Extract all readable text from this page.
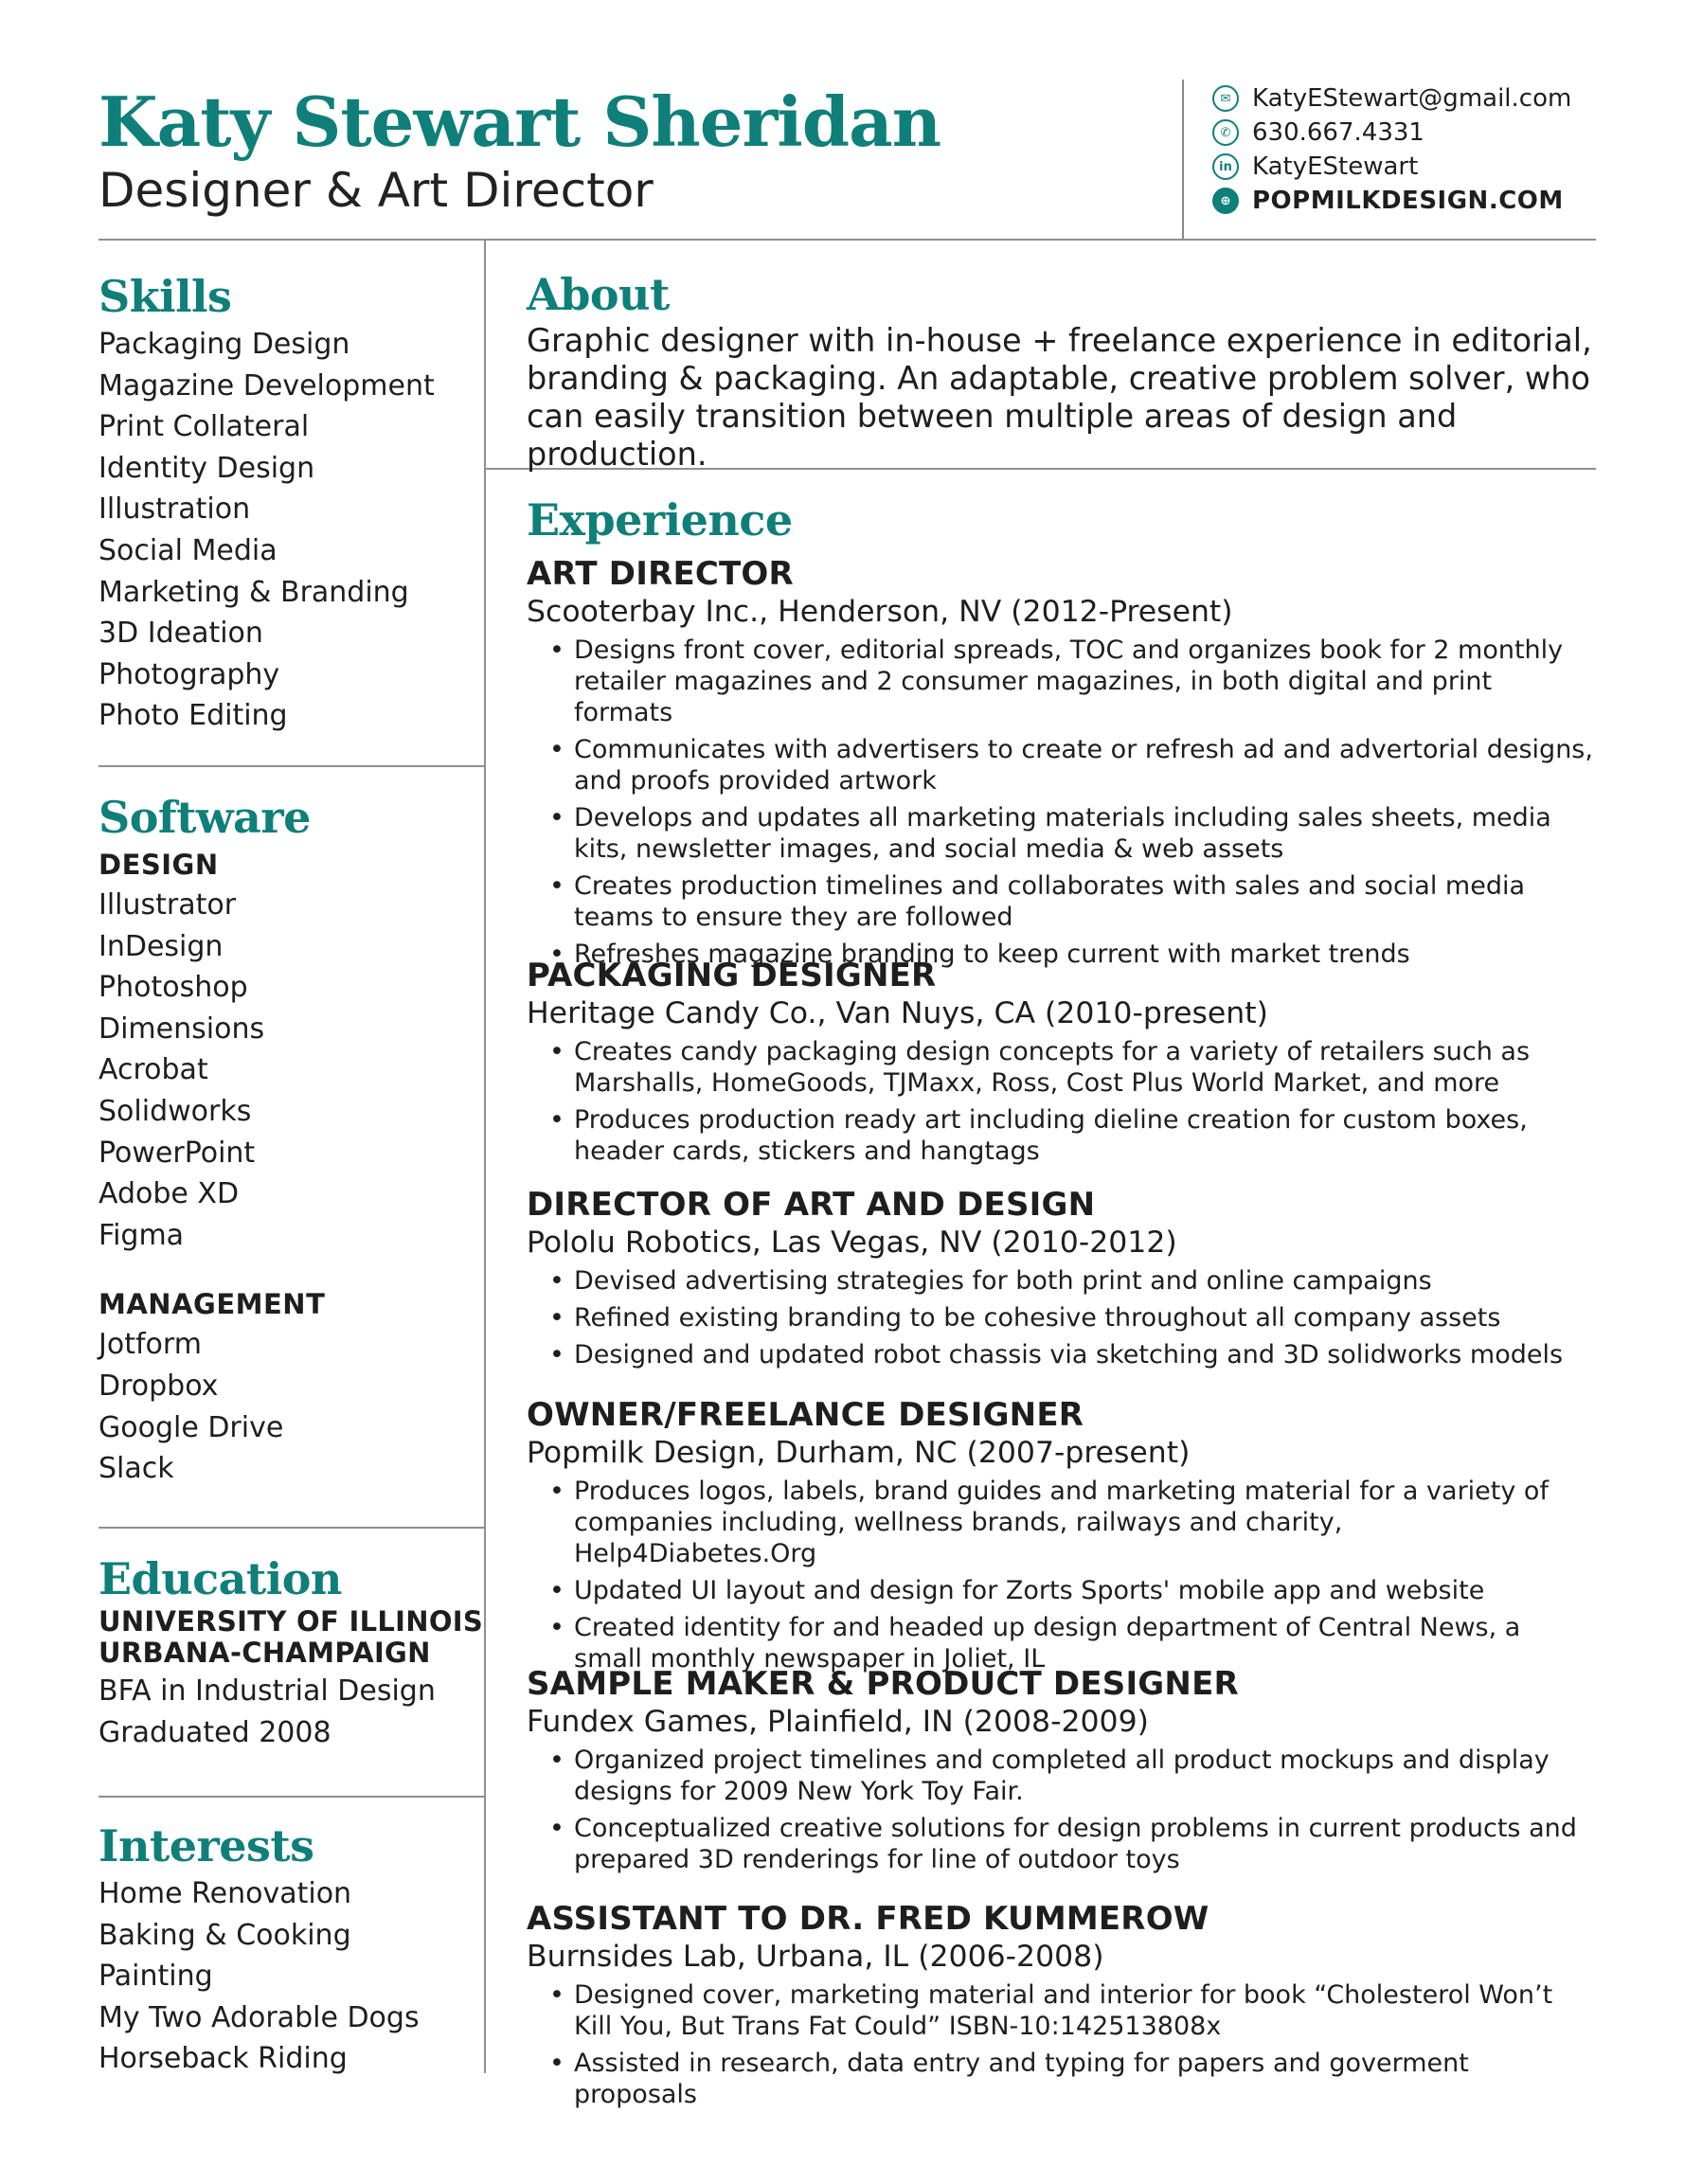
Katy Stewart Sheridan
Designer & Art Director
✉ KatyEStewart@gmail.com
✆ 630.667.4331
in KatyEStewart
⊕ POPMILKDESIGN.COM
Skills
Packaging Design
Magazine Development
Print Collateral
Identity Design
Illustration
Social Media
Marketing & Branding
3D Ideation
Photography
Photo Editing
Software
DESIGN
Illustrator
InDesign
Photoshop
Dimensions
Acrobat
Solidworks
PowerPoint
Adobe XD
Figma
MANAGEMENT
Jotform
Dropbox
Google Drive
Slack
Education
UNIVERSITY OF ILLINOIS
URBANA-CHAMPAIGN
BFA in Industrial Design
Graduated 2008
Interests
Home Renovation
Baking & Cooking
Painting
My Two Adorable Dogs
Horseback Riding
About
Graphic designer with in-house + freelance experience in editorial, branding & packaging. An adaptable, creative problem solver, who can easily transition between multiple areas of design and production.
Experience
ART DIRECTOR
Scooterbay Inc., Henderson, NV (2012-Present)
• Designs front cover, editorial spreads, TOC and organizes book for 2 monthly retailer magazines and 2 consumer magazines, in both digital and print formats
• Communicates with advertisers to create or refresh ad and advertorial designs, and proofs provided artwork
• Develops and updates all marketing materials including sales sheets, media kits, newsletter images, and social media & web assets
• Creates production timelines and collaborates with sales and social media teams to ensure they are followed
• Refreshes magazine branding to keep current with market trends
PACKAGING DESIGNER
Heritage Candy Co., Van Nuys, CA (2010-present)
• Creates candy packaging design concepts for a variety of retailers such as Marshalls, HomeGoods, TJMaxx, Ross, Cost Plus World Market, and more
• Produces production ready art including dieline creation for custom boxes, header cards, stickers and hangtags
DIRECTOR OF ART AND DESIGN
Pololu Robotics, Las Vegas, NV (2010-2012)
• Devised advertising strategies for both print and online campaigns
• Refined existing branding to be cohesive throughout all company assets
• Designed and updated robot chassis via sketching and 3D solidworks models
OWNER/FREELANCE DESIGNER
Popmilk Design, Durham, NC (2007-present)
• Produces logos, labels, brand guides and marketing material for a variety of companies including, wellness brands, railways and charity, Help4Diabetes.Org
• Updated UI layout and design for Zorts Sports' mobile app and website
• Created identity for and headed up design department of Central News, a small monthly newspaper in Joliet, IL
SAMPLE MAKER & PRODUCT DESIGNER
Fundex Games, Plainfield, IN (2008-2009)
• Organized project timelines and completed all product mockups and display designs for 2009 New York Toy Fair.
• Conceptualized creative solutions for design problems in current products and prepared 3D renderings for line of outdoor toys
ASSISTANT TO DR. FRED KUMMEROW
Burnsides Lab, Urbana, IL (2006-2008)
• Designed cover, marketing material and interior for book “Cholesterol Won’t Kill You, But Trans Fat Could” ISBN-10:142513808x
• Assisted in research, data entry and typing for papers and goverment proposals
